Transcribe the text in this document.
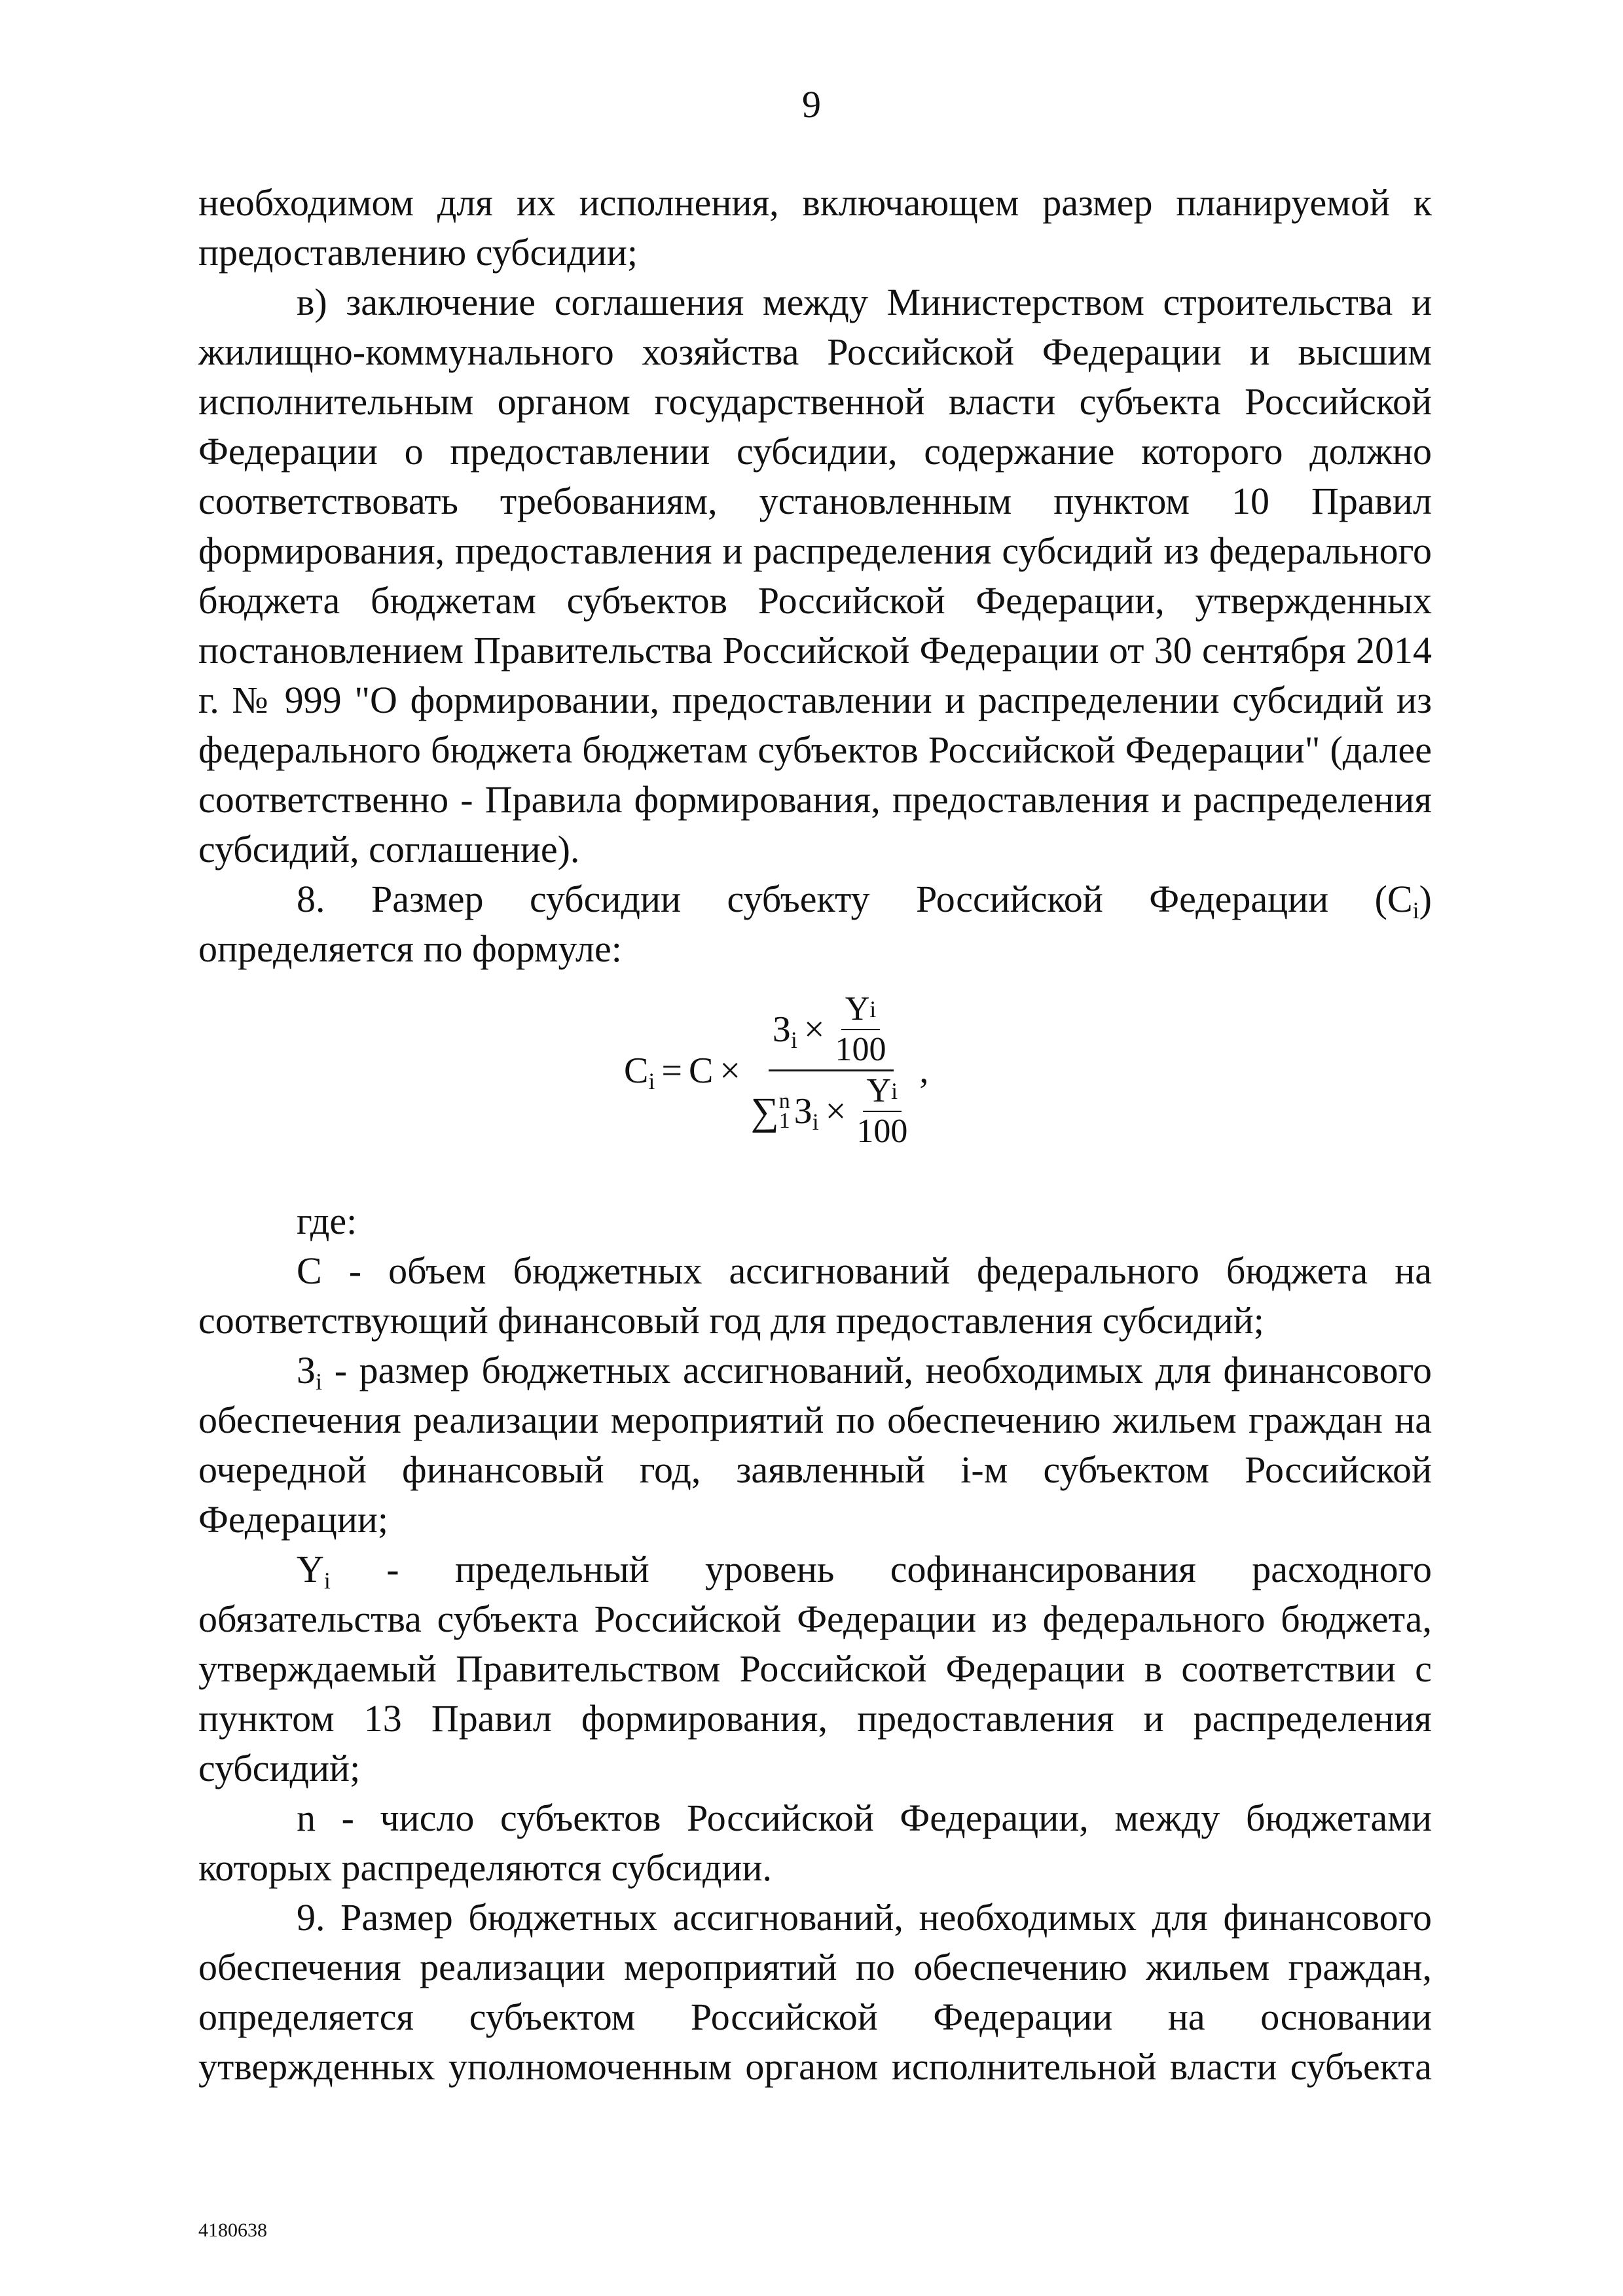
9

необходимом для их исполнения, включающем размер планируемой к предоставлению субсидии;

в) заключение соглашения между Министерством строительства и жилищно-коммунального хозяйства Российской Федерации и высшим исполнительным органом государственной власти субъекта Российской Федерации о предоставлении субсидии, содержание которого должно соответствовать требованиям, установленным пунктом 10 Правил формирования, предоставления и распределения субсидий из федерального бюджета бюджетам субъектов Российской Федерации, утвержденных постановлением Правительства Российской Федерации от 30 сентября 2014 г. № 999 "О формировании, предоставлении и распределении субсидий из федерального бюджета бюджетам субъектов Российской Федерации" (далее соответственно - Правила формирования, предоставления и распределения субсидий, соглашение).

8. Размер субсидии субъекту Российской Федерации $(C_i)$ определяется по формуле:

$C_i = C$ ×
$З_i \times \frac{\text{Y i}}{100}$
∑ n
1 $З_i \times \frac{\text{Y i}}{100}$
,

где:

С - объем бюджетных ассигнований федерального бюджета на соответствующий финансовый год для предоставления субсидий;

$З_i$ - размер бюджетных ассигнований, необходимых для финансового обеспечения реализации мероприятий по обеспечению жильем граждан на очередной финансовый год, заявленный i-м субъектом Российской Федерации;

$Y_i$ - предельный уровень софинансирования расходного обязательства субъекта Российской Федерации из федерального бюджета, утверждаемый Правительством Российской Федерации в соответствии с пунктом 13 Правил формирования, предоставления и распределения субсидий;

n - число субъектов Российской Федерации, между бюджетами которых распределяются субсидии.

9. Размер бюджетных ассигнований, необходимых для финансового обеспечения реализации мероприятий по обеспечению жильем граждан, определяется субъектом Российской Федерации на основании утвержденных уполномоченным органом исполнительной власти субъекта

4180638
